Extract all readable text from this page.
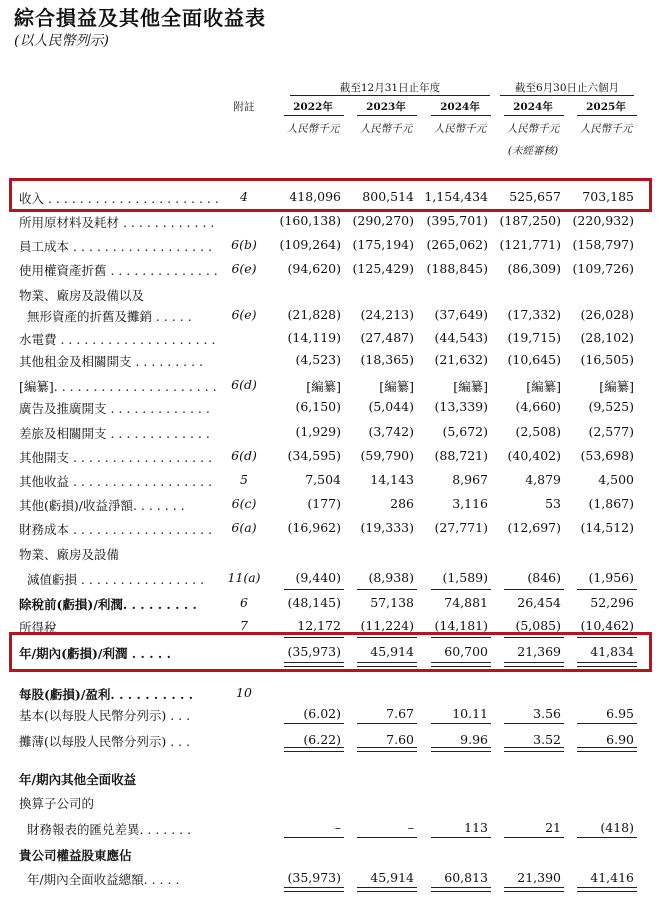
綜合損益及其他全面收益表
(以人民幣列示)
截至12月31日止年度	截至6月30日止六個月
附註	2022年	2023年	2024年	2024年	2025年
人民幣千元	人民幣千元	人民幣千元	人民幣千元	人民幣千元
(未經審核)
收入 . . . . . . . . . . . . . . . . . . . . . .	4	418,096 800,514 1,154,434 525,657 703,185
所用原材料及耗材 . . . . . . . . . . . .	(160,138) (290,270) (395,701) (187,250) (220,932)
員工成本 . . . . . . . . . . . . . . . . . .	6(b)	(109,264) (175,194) (265,062) (121,771) (158,797)
使用權資產折舊 . . . . . . . . . . . . . .	6(e)	(94,620) (125,429) (188,845) (86,309) (109,726)
物業、廠房及設備以及
無形資產的折舊及攤銷 . . . . .	6(e)	(21,828) (24,213) (37,649) (17,332) (26,028)
水電費 . . . . . . . . . . . . . . . . . . . .	(14,119) (27,487) (44,543) (19,715) (28,102)
其他租金及相關開支 . . . . . . . . .	(4,523) (18,365) (21,632) (10,645) (16,505)
[編纂]. . . . . . . . . . . . . . . . . . . . .	6(d)	[編纂]	[編纂]	[編纂]	[編纂]	[編纂]
廣告及推廣開支 . . . . . . . . . . . . .	(6,150) (5,044) (13,339) (4,660) (9,525)
差旅及相關開支 . . . . . . . . . . . . .	(1,929) (3,742) (5,672) (2,508) (2,577)
其他開支 . . . . . . . . . . . . . . . . . .	6(d)	(34,595) (59,790) (88,721) (40,402) (53,698)
其他收益 . . . . . . . . . . . . . . . . . .	5	7,504 14,143	8,967	4,879	4,500
其他(虧損)/收益淨額. . . . . . .	6(c)	(177)	286	3,116	53 (1,867)
財務成本 . . . . . . . . . . . . . . . . . .	6(a)	(16,962) (19,333) (27,771) (12,697) (14,512)
物業、廠房及設備
減值虧損 . . . . . . . . . . . . . . . . 11(a)	(9,440) (8,938) (1,589)	(846) (1,956)
除稅前(虧損)/利潤. . . . . . . . .	6	(48,145) 57,138 74,881 26,454 52,296
所得稅	7	12,172 (11,224) (14,181) (5,085) (10,462)
年/期內(虧損)/利潤 . . . . .	(35,973) 45,914 60,700 21,369 41,834
每股(虧損)/盈利. . . . . . . . . .	10
基本(以每股人民幣分列示) . . .	(6.02)	7.67	10.11	3.56	6.95
攤薄(以每股人民幣分列示) . . .	(6.22)	7.60	9.96	3.52	6.90
年/期內其他全面收益
換算子公司的
財務報表的匯兑差異. . . . . . .	–	–	113	21	(418)
貴公司權益股東應佔
年/期內全面收益總額. . . . .	(35,973) 45,914 60,813 21,390 41,416
